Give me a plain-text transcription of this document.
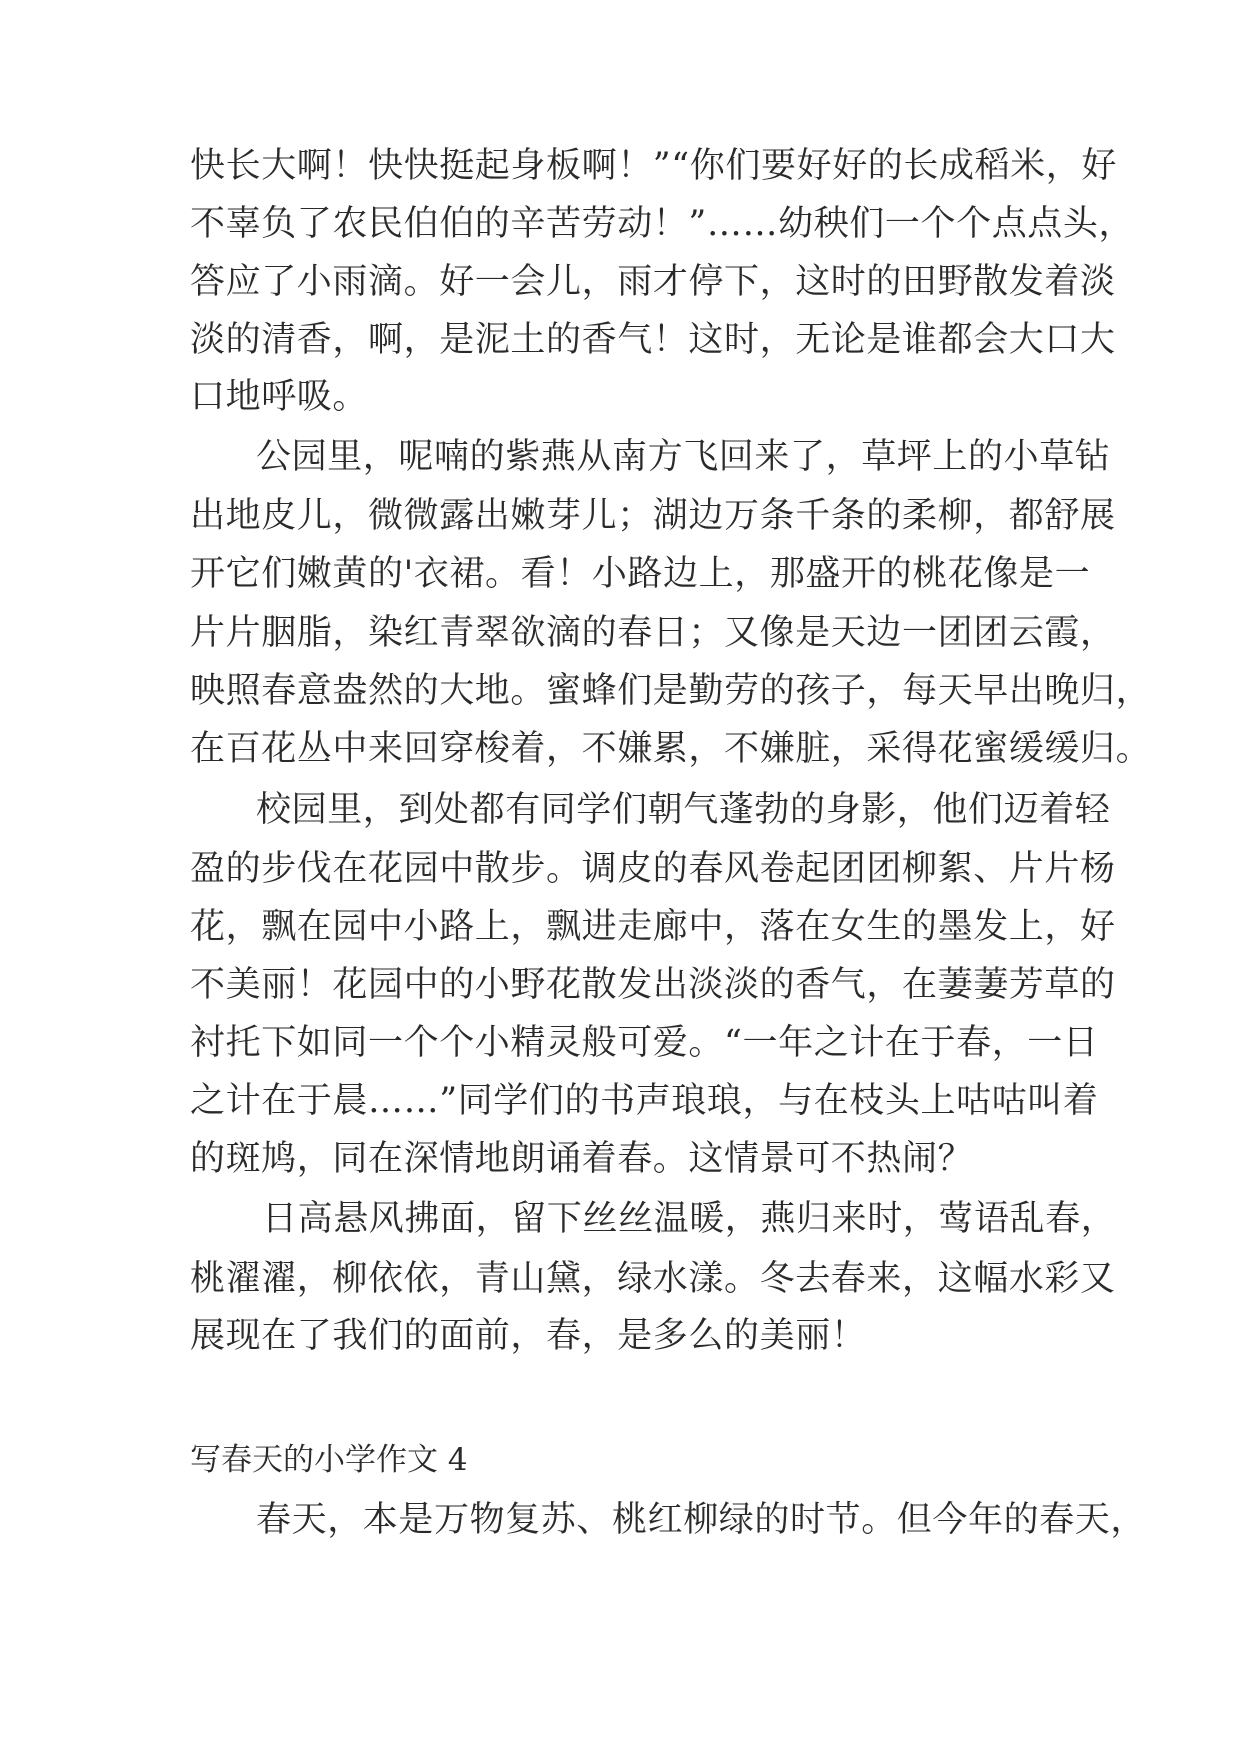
快长大啊！快快挺起身板啊！”“你们要好好的长成稻米，好
不辜负了农民伯伯的辛苦劳动！”……幼秧们一个个点点头，
答应了小雨滴。好一会儿，雨才停下，这时的田野散发着淡
淡的清香，啊，是泥土的香气！这时，无论是谁都会大口大
口地呼吸。
公园里，呢喃的紫燕从南方飞回来了，草坪上的小草钻
出地皮儿，微微露出嫩芽儿；湖边万条千条的柔柳，都舒展
开它们嫩黄的'衣裙。看！小路边上，那盛开的桃花像是一
片片胭脂，染红青翠欲滴的春日；又像是天边一团团云霞，
映照春意盎然的大地。蜜蜂们是勤劳的孩子，每天早出晚归，
在百花丛中来回穿梭着，不嫌累，不嫌脏，采得花蜜缓缓归。
校园里，到处都有同学们朝气蓬勃的身影，他们迈着轻
盈的步伐在花园中散步。调皮的春风卷起团团柳絮、片片杨
花，飘在园中小路上，飘进走廊中，落在女生的墨发上，好
不美丽！花园中的小野花散发出淡淡的香气，在萋萋芳草的
衬托下如同一个个小精灵般可爱。“一年之计在于春，一日
之计在于晨……”同学们的书声琅琅，与在枝头上咕咕叫着
的斑鸠，同在深情地朗诵着春。这情景可不热闹？
日高悬风拂面，留下丝丝温暖，燕归来时，莺语乱春，
桃濯濯，柳依依，青山黛，绿水漾。冬去春来，这幅水彩又
展现在了我们的面前，春，是多么的美丽！
写春天的小学作文 4
春天，本是万物复苏、桃红柳绿的时节。但今年的春天，
